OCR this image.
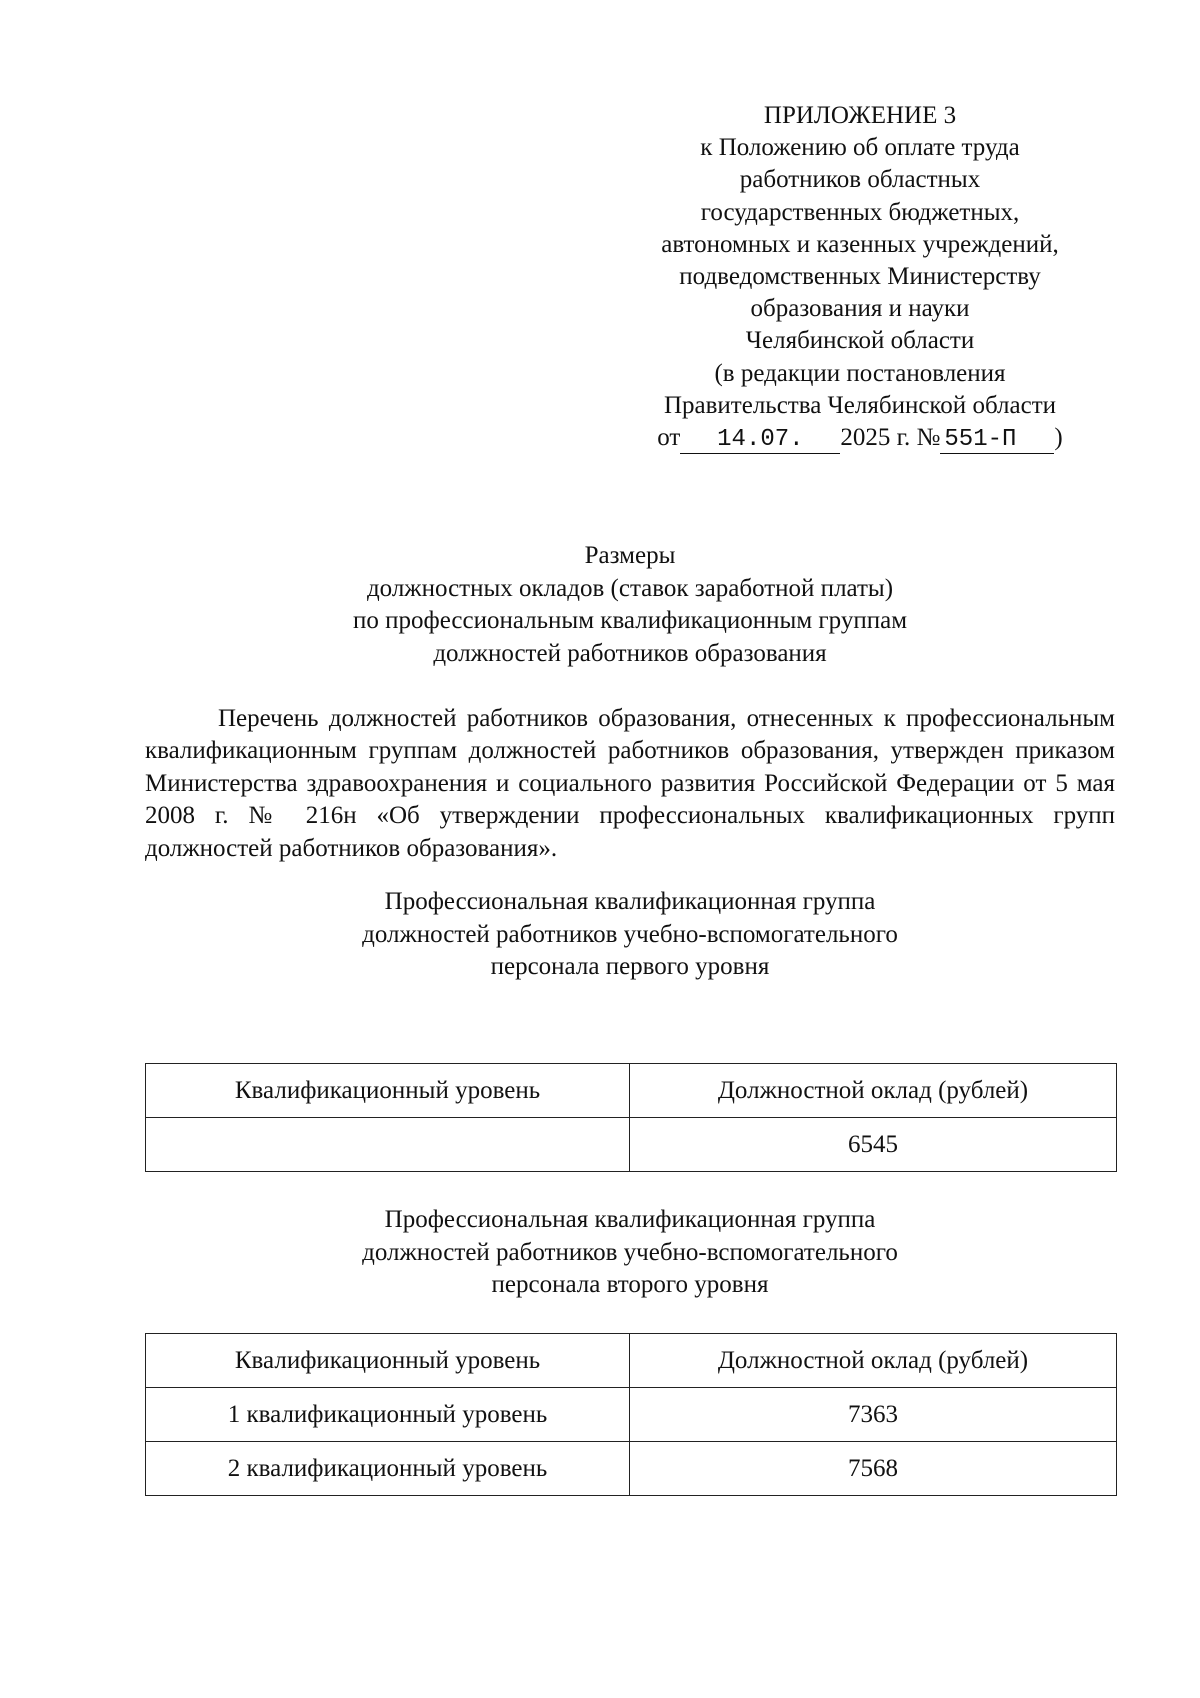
ПРИЛОЖЕНИЕ 3
к Положению об оплате труда
работников областных
государственных бюджетных,
автономных и казенных учреждений,
подведомственных Министерству
образования и науки
Челябинской области
(в редакции постановления
Правительства Челябинской области
от 14.07. 2025 г. № 551-П )
Размеры
должностных окладов (ставок заработной платы)
по профессиональным квалификационным группам
должностей работников образования

Перечень должностей работников образования, отнесенных к профессиональным квалификационным группам должностей работников образования, утвержден приказом Министерства здравоохранения и социального развития Российской Федерации от 5 мая 2008 г. № 216н «Об утверждении профессиональных квалификационных групп должностей работников образования».

Профессиональная квалификационная группа
должностей работников учебно-вспомогательного
персонала первого уровня
Квалификационный уровень	Должностной оклад (рублей)
	6545
Профессиональная квалификационная группа
должностей работников учебно-вспомогательного
персонала второго уровня
Квалификационный уровень	Должностной оклад (рублей)
1 квалификационный уровень	7363
2 квалификационный уровень	7568
